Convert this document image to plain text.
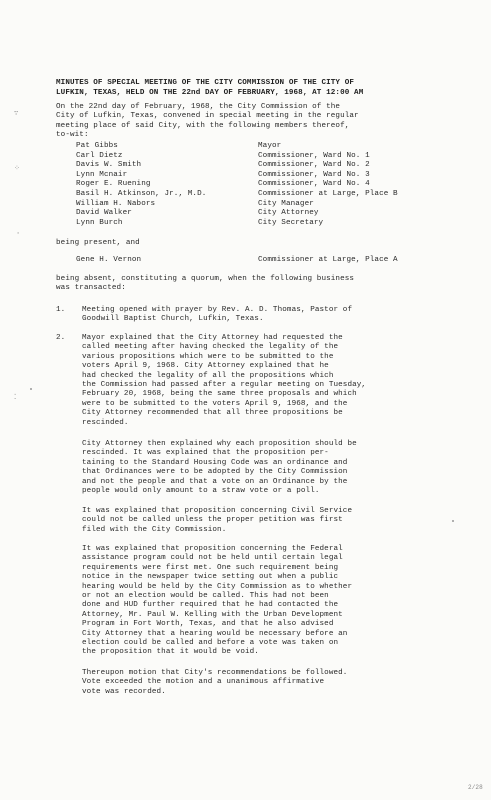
MINUTES OF SPECIAL MEETING OF THE CITY COMMISSION OF THE CITY OF
LUFKIN, TEXAS, HELD ON THE 22nd DAY OF FEBRUARY, 1968, AT 12:00 AM
∵
⁘
·
⁚
On the 22nd day of February, 1968, the City Commission of the
City of Lufkin, Texas, convened in special meeting in the regular
meeting place of said City, with the following members thereof,
to-wit:
Pat Gibbs	Mayor
Carl Dietz	Commissioner, Ward No. 1
Davis W. Smith	Commissioner, Ward No. 2
Lynn Mcnair	Commissioner, Ward No. 3
Roger E. Ruening	Commissioner, Ward No. 4
Basil H. Atkinson, Jr., M.D.	Commissioner at Large, Place B
William H. Nabors	City Manager
David Walker	City Attorney
Lynn Burch	City Secretary
being present, and
Gene H. Vernon	Commissioner at Large, Place A
being absent, constituting a quorum, when the following business
was transacted:
1.	Meeting opened with prayer by Rev. A. D. Thomas, Pastor of
Goodwill Baptist Church, Lufkin, Texas.
2.	Mayor explained that the City Attorney had requested the
called meeting after having checked the legality of the
various propositions which were to be submitted to the
voters April 9, 1968. City Attorney explained that he
had checked the legality of all the propositions which
the Commission had passed after a regular meeting on Tuesday,
February 20, 1968, being the same three proposals and which
were to be submitted to the voters April 9, 1968, and the
City Attorney recommended that all three propositions be
rescinded.
City Attorney then explained why each proposition should be
rescinded. It was explained that the proposition per-
taining to the Standard Housing Code was an ordinance and
that Ordinances were to be adopted by the City Commission
and not the people and that a vote on an Ordinance by the
people would only amount to a straw vote or a poll.
It was explained that proposition concerning Civil Service
could not be called unless the proper petition was first
filed with the City Commission.
It was explained that proposition concerning the Federal
assistance program could not be held until certain legal
requirements were first met. One such requirement being
notice in the newspaper twice setting out when a public
hearing would be held by the City Commission as to whether
or not an election would be called. This had not been
done and HUD further required that he had contacted the
Attorney, Mr. Paul W. Kelling with the Urban Development
Program in Fort Worth, Texas, and that he also advised
City Attorney that a hearing would be necessary before an
election could be called and before a vote was taken on
the proposition that it would be void.
Thereupon motion that City's recommendations be followed.
Vote exceeded the motion and a unanimous affirmative
vote was recorded.
2/28
